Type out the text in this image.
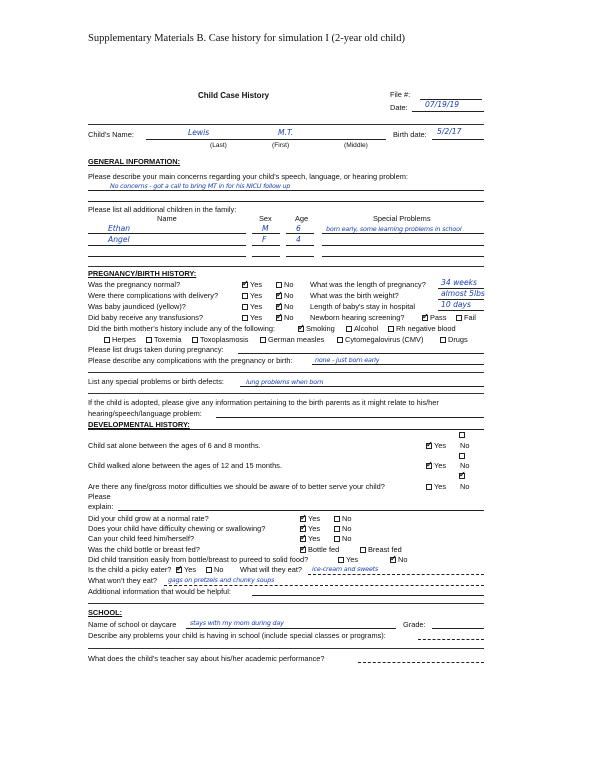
Supplementary Materials B. Case history for simulation I (2-year old child)
Child Case History	File #:
Date: 07/19/19
Child’s Name:	Lewis	M.T.
(Last)	(First)	(Middle)
Birth date: 5/2/17
GENERAL INFORMATION:
Please describe your main concerns regarding your child’s speech, language, or hearing problem:
No concerns - got a call to bring MT in for his NICU follow up
Please list all additional children in the family:
Name	Sex	Age	Special Problems
Ethan	M	6	born early, some learning problems in school
Angel	F	4
PREGNANCY/BIRTH HISTORY:
Was the pregnancy normal? ✓	Yes	No What was the length of pregnancy? 34 weeks
Were there complications with delivery?	Yes ✓	No What was the birth weight?	almost 5lbs
Was baby jaundiced (yellow)?	Yes ✓	No Length of baby’s stay in hospital	10 days
Did baby receive any transfusions?	Yes ✓	No Newborn hearing screening? ✓	Pass	Fail
Did the birth mother’s history include any of the following: ✓	Smoking	Alcohol	Rh negative blood
Herpes	Toxemia	Toxoplasmosis	German measles	Cytomegalovirus (CMV)	Drugs
Please list drugs taken during pregnancy:
Please describe any complications with the pregnancy or birth:	none - just born early
List any special problems or birth defects:	lung problems when born
If the child is adopted, please give any information pertaining to the birth parents as it might relate to his/her
hearing/speech/language problem:
DEVELOPMENTAL HISTORY:
Child sat alone between the ages of 6 and 8 months. ✓	Yes No
Child walked alone between the ages of 12 and 15 months. ✓	Yes No
✓
Are there any fine/gross motor difficulties we should be aware of to better serve your child?	Yes No
Please
explain:
Did your child grow at a normal rate? ✓	Yes	No
Does your child have difficulty chewing or swallowing? ✓	Yes	No
Can your child feed him/herself? ✓	Yes	No
Was the child bottle or breast fed? ✓	Bottle fed	Breast fed
Did child transition easily from bottle/breast to pureed to solid food?	Yes ✓	No
Is the child a picky eater? ✓	Yes	No What will they eat? ice-cream and sweets
What won’t they eat? gags on pretzels and chunky soups
Additional information that would be helpful:
SCHOOL:
Name of school or daycare stays with my mom during day	Grade:
Describe any problems your child is having in school (include special classes or programs):
What does the child’s teacher say about his/her academic performance?
